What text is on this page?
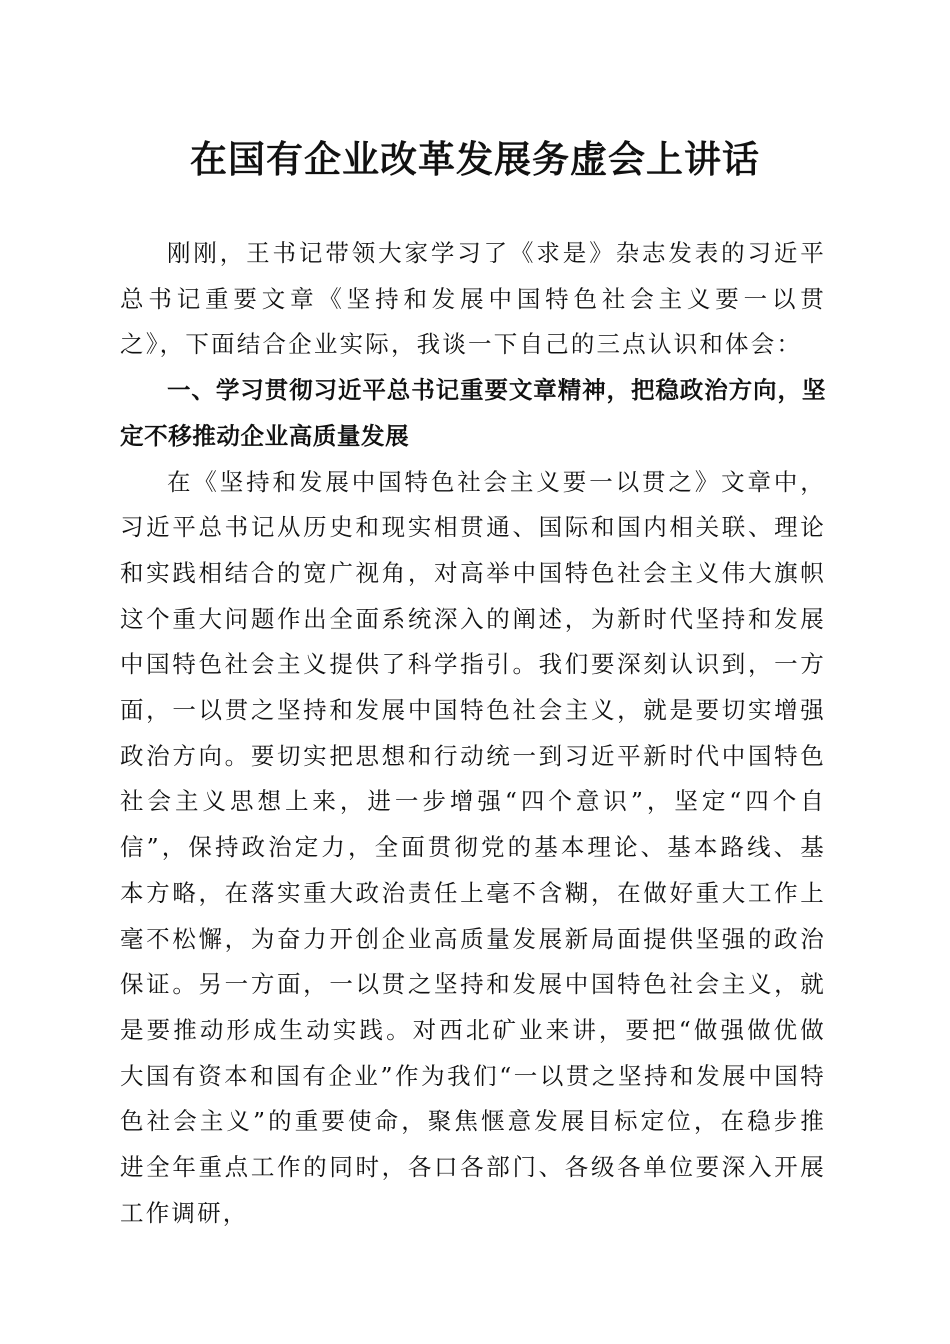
在国有企业改革发展务虚会上讲话

刚刚，王书记带领大家学习了《求是》杂志发表的习近平总书记重要文章《坚持和发展中国特色社会主义要一以贯之》，下面结合企业实际，我谈一下自己的三点认识和体会：

一、学习贯彻习近平总书记重要文章精神，把稳政治方向，坚定不移推动企业高质量发展

在《坚持和发展中国特色社会主义要一以贯之》文章中，习近平总书记从历史和现实相贯通、国际和国内相关联、理论和实践相结合的宽广视角，对高举中国特色社会主义伟大旗帜这个重大问题作出全面系统深入的阐述，为新时代坚持和发展中国特色社会主义提供了科学指引。我们要深刻认识到，一方面，一以贯之坚持和发展中国特色社会主义，就是要切实增强政治方向。要切实把思想和行动统一到习近平新时代中国特色社会主义思想上来，进一步增强“四个意识”，坚定“四个自信”，保持政治定力，全面贯彻党的基本理论、基本路线、基本方略，在落实重大政治责任上毫不含糊，在做好重大工作上毫不松懈，为奋力开创企业高质量发展新局面提供坚强的政治保证。另一方面，一以贯之坚持和发展中国特色社会主义，就是要推动形成生动实践。对西北矿业来讲，要把“做强做优做大国有资本和国有企业”作为我们“一以贯之坚持和发展中国特色社会主义”的重要使命，聚焦惬意发展目标定位，在稳步推进全年重点工作的同时，各口各部门、各级各单位要深入开展工作调研，
